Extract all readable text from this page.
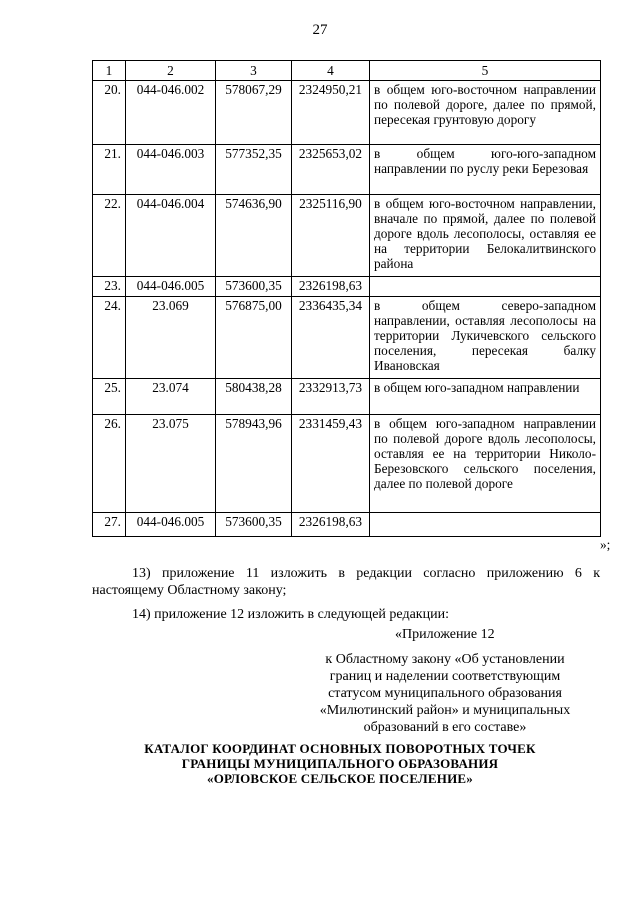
27
1	2	3	4	5
20.	044-046.002	578067,29	2324950,21	в общем юго-восточном направлении по полевой дороге, далее по прямой, пересекая грунтовую дорогу
21.	044-046.003	577352,35	2325653,02	в общем юго-юго-западном направлении по руслу реки Березовая
22.	044-046.004	574636,90	2325116,90	в общем юго-восточном направлении, вначале по прямой, далее по полевой дороге вдоль лесополосы, оставляя ее на территории Белокалитвинского района
23.	044-046.005	573600,35	2326198,63	
24.	23.069	576875,00	2336435,34	в общем северо-западном направлении, оставляя лесополосы на территории Лукичевского сельского поселения, пересекая балку Ивановская
25.	23.074	580438,28	2332913,73	в общем юго-западном направлении
26.	23.075	578943,96	2331459,43	в общем юго-западном направлении по полевой дороге вдоль лесополосы, оставляя ее на территории Николо-Березовского сельского поселения, далее по полевой дороге
27.	044-046.005	573600,35	2326198,63	
»;
13) приложение 11 изложить в редакции согласно приложению 6 к настоящему Областному закону;
14) приложение 12 изложить в следующей редакции:
«Приложение 12
к Областному закону «Об установлении
границ и наделении соответствующим
статусом муниципального образования
«Милютинский район» и муниципальных
образований в его составе»
КАТАЛОГ КООРДИНАТ ОСНОВНЫХ ПОВОРОТНЫХ ТОЧЕК
ГРАНИЦЫ МУНИЦИПАЛЬНОГО ОБРАЗОВАНИЯ
«ОРЛОВСКОЕ СЕЛЬСКОЕ ПОСЕЛЕНИЕ»
